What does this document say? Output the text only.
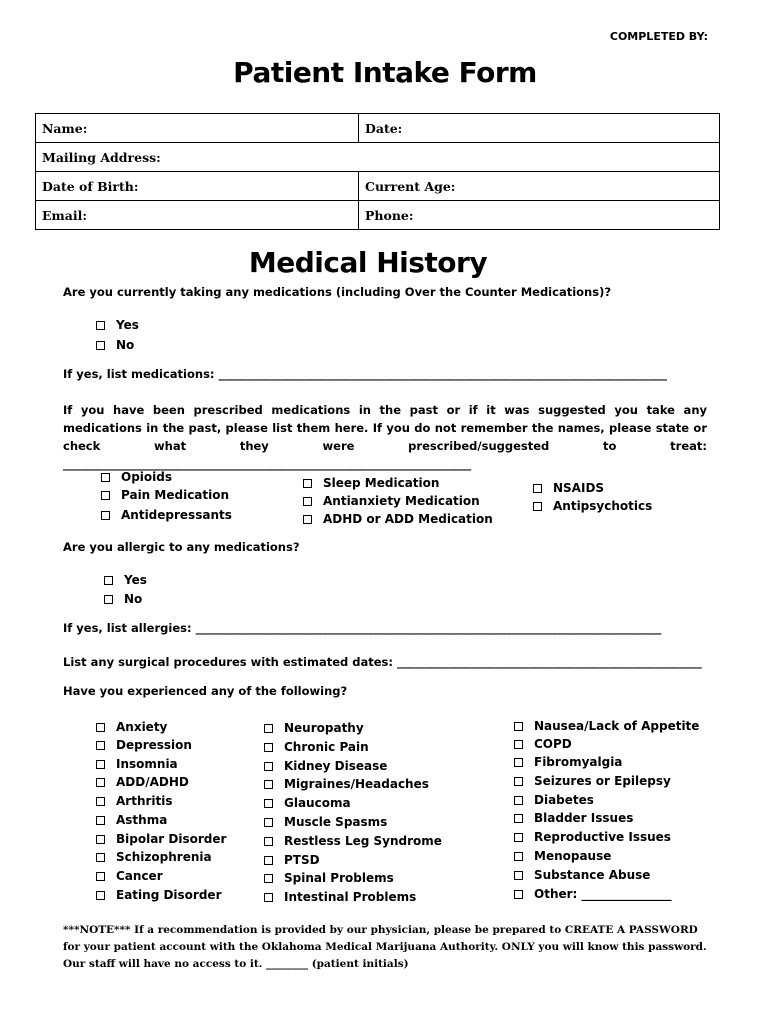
COMPLETED BY:
Patient Intake Form
Name:	Date:
Mailing Address:	
Date of Birth:	Current Age:
Email:	Phone:
Medical History
Are you currently taking any medications (including Over the Counter Medications)?
Yes
No
If yes, list medications: ______________________________________________________________________________
If you have been prescribed medications in the past or if it was suggested you take any medications in the past, please list them here. If you do not remember the names, please state or check what they were prescribed/suggested to treat: _______________________________________________________________________
Opioids
Pain Medication
Antidepressants
Sleep Medication
Antianxiety Medication
ADHD or ADD Medication
NSAIDS
Antipsychotics
Are you allergic to any medications?
Yes
No
If yes, list allergies: _________________________________________________________________________________
List any surgical procedures with estimated dates: _____________________________________________________
Have you experienced any of the following?
Anxiety
Depression
Insomnia
ADD/ADHD
Arthritis
Asthma
Bipolar Disorder
Schizophrenia
Cancer
Eating Disorder
Neuropathy
Chronic Pain
Kidney Disease
Migraines/Headaches
Glaucoma
Muscle Spasms
Restless Leg Syndrome
PTSD
Spinal Problems
Intestinal Problems
Nausea/Lack of Appetite
COPD
Fibromyalgia
Seizures or Epilepsy
Diabetes
Bladder Issues
Reproductive Issues
Menopause
Substance Abuse
Other: _______________
***NOTE*** If a recommendation is provided by our physician, please be prepared to CREATE A PASSWORD for your patient account with the Oklahoma Medical Marijuana Authority. ONLY you will know this password. Our staff will have no access to it. ________ (patient initials)
